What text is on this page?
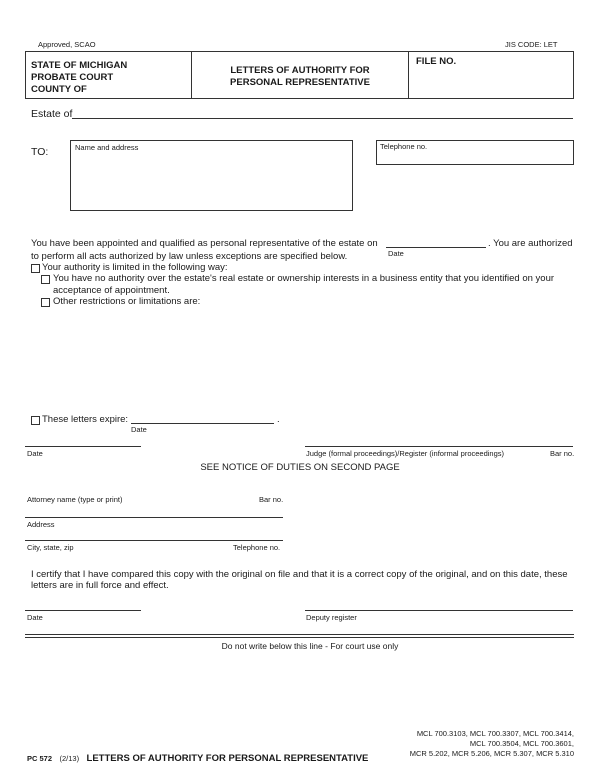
Approved, SCAO	JIS CODE: LET
STATE OF MICHIGAN
PROBATE COURT
COUNTY OF
LETTERS OF AUTHORITY FOR
PERSONAL REPRESENTATIVE
FILE NO.
Estate of
TO:	Name and address	Telephone no.
You have been appointed and qualified as personal representative of the estate on	. You are authorized
Date
to perform all acts authorized by law unless exceptions are specified below.
Your authority is limited in the following way:
You have no authority over the estate's real estate or ownership interests in a business entity that you identified on your
acceptance of appointment.
Other restrictions or limitations are:
These letters expire:	.
Date
Date	Judge (formal proceedings)/Register (informal proceedings)	Bar no.
SEE NOTICE OF DUTIES ON SECOND PAGE
Attorney name (type or print)	Bar no.
Address
City, state, zip	Telephone no.
I certify that I have compared this copy with the original on file and that it is a correct copy of the original, and on this date, these
letters are in full force and effect.
Date	Deputy register
Do not write below this line - For court use only
PC 572 (2/13) LETTERS OF AUTHORITY FOR PERSONAL REPRESENTATIVE
MCL 700.3103, MCL 700.3307, MCL 700.3414,
MCL 700.3504, MCL 700.3601,
MCR 5.202, MCR 5.206, MCR 5.307, MCR 5.310
